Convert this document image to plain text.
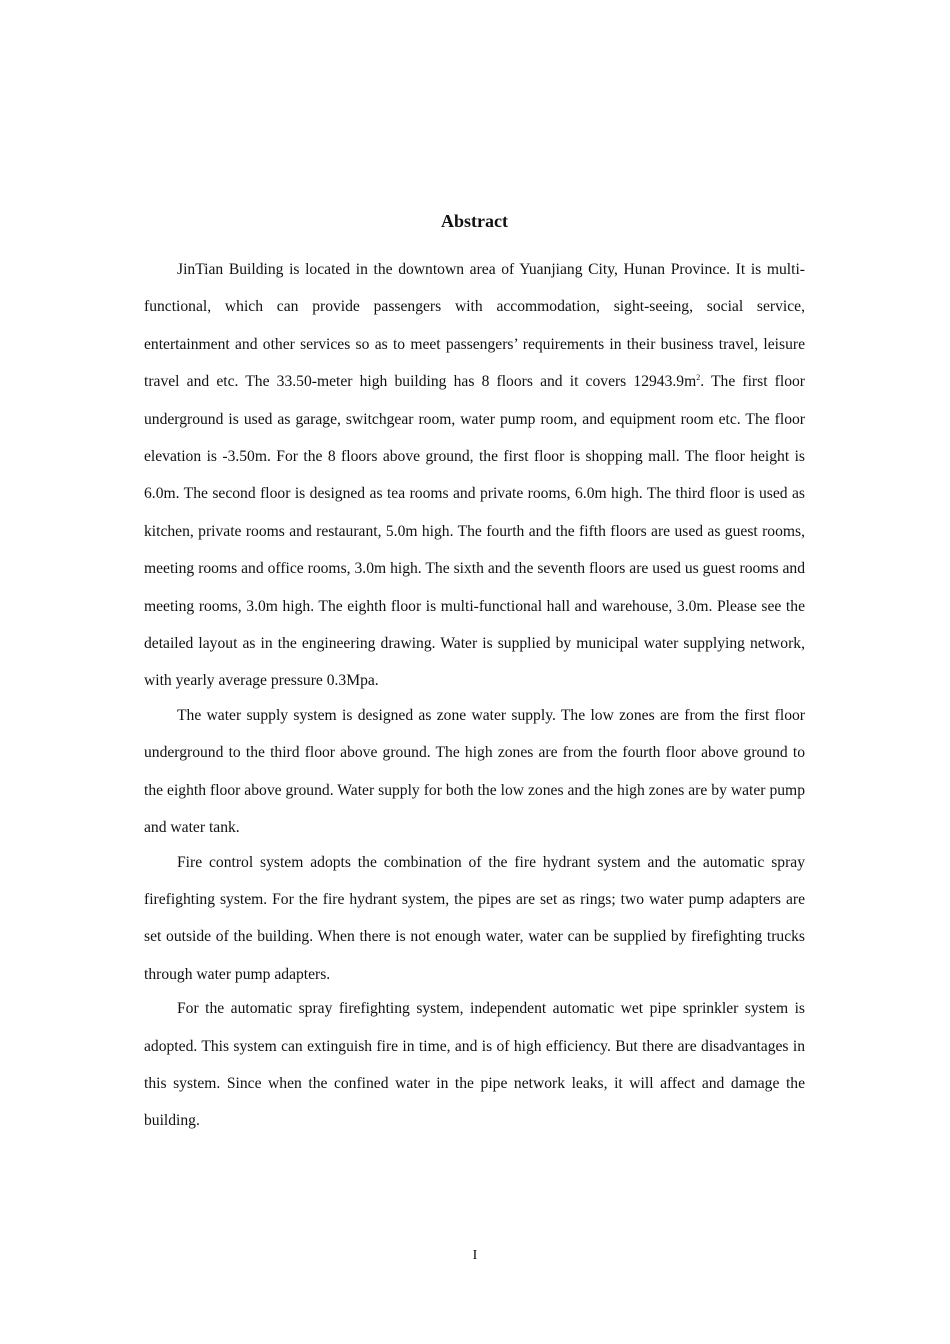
Abstract

JinTian Building is located in the downtown area of Yuanjiang City, Hunan Province. It is multi-functional, which can provide passengers with accommodation, sight-seeing, social service, entertainment and other services so as to meet passengers’ requirements in their business travel, leisure travel and etc. The 33.50-meter high building has 8 floors and it covers $12943.9m^2$. The first floor underground is used as garage, switchgear room, water pump room, and equipment room etc. The floor elevation is -3.50m. For the 8 floors above ground, the first floor is shopping mall. The floor height is 6.0m. The second floor is designed as tea rooms and private rooms, 6.0m high. The third floor is used as kitchen, private rooms and restaurant, 5.0m high. The fourth and the fifth floors are used as guest rooms, meeting rooms and office rooms, 3.0m high. The sixth and the seventh floors are used us guest rooms and meeting rooms, 3.0m high. The eighth floor is multi-functional hall and warehouse, 3.0m. Please see the detailed layout as in the engineering drawing. Water is supplied by municipal water supplying network, with yearly average pressure 0.3Mpa.

The water supply system is designed as zone water supply. The low zones are from the first floor underground to the third floor above ground. The high zones are from the fourth floor above ground to the eighth floor above ground. Water supply for both the low zones and the high zones are by water pump and water tank.

Fire control system adopts the combination of the fire hydrant system and the automatic spray firefighting system. For the fire hydrant system, the pipes are set as rings; two water pump adapters are set outside of the building. When there is not enough water, water can be supplied by firefighting trucks through water pump adapters.

For the automatic spray firefighting system, independent automatic wet pipe sprinkler system is adopted. This system can extinguish fire in time, and is of high efficiency. But there are disadvantages in this system. Since when the confined water in the pipe network leaks, it will affect and damage the building.

I
